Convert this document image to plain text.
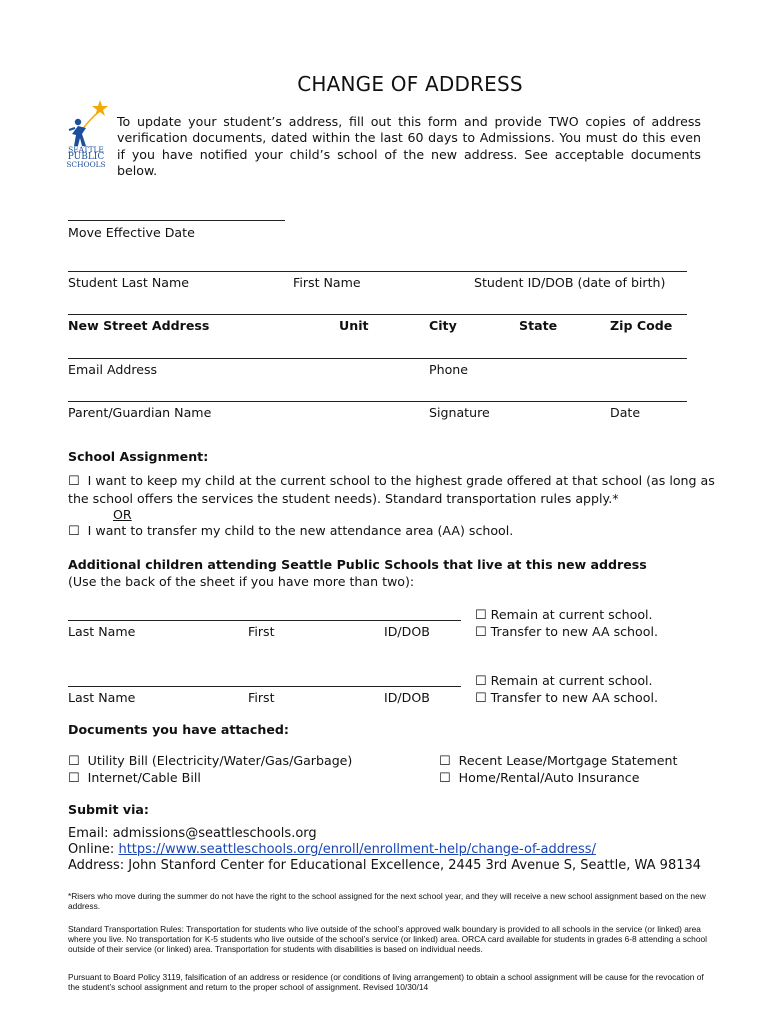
CHANGE OF ADDRESS
SEATTLE
PUBLIC
SCHOOLS
To update your student’s address, fill out this form and provide TWO copies of address verification documents, dated within the last 60 days to Admissions. You must do this even if you have notified your child’s school of the new address. See acceptable documents below.
Move Effective Date
Student Last Name	First Name	Student ID/DOB (date of birth)
New Street Address	Unit	City	State	Zip Code
Email Address	Phone
Parent/Guardian Name	Signature	Date
School Assignment:
☐ I want to keep my child at the current school to the highest grade offered at that school (as long as the school offers the services the student needs). Standard transportation rules apply.*
OR
☐ I want to transfer my child to the new attendance area (AA) school.
Additional children attending Seattle Public Schools that live at this new address
(Use the back of the sheet if you have more than two):
Last Name	First	ID/DOB
☐ Remain at current school.
☐ Transfer to new AA school.
Last Name	First	ID/DOB
☐ Remain at current school.
☐ Transfer to new AA school.
Documents you have attached:
☐ Utility Bill (Electricity/Water/Gas/Garbage)
☐ Internet/Cable Bill
☐ Recent Lease/Mortgage Statement
☐ Home/Rental/Auto Insurance
Submit via:
Email: admissions@seattleschools.org
Online: https://www.seattleschools.org/enroll/enrollment-help/change-of-address/
Address: John Stanford Center for Educational Excellence, 2445 3rd Avenue S, Seattle, WA 98134
*Risers who move during the summer do not have the right to the school assigned for the next school year, and they will receive a new school assignment based on the new address.
Standard Transportation Rules: Transportation for students who live outside of the school’s approved walk boundary is provided to all schools in the service (or linked) area where you live. No transportation for K-5 students who live outside of the school’s service (or linked) area. ORCA card available for students in grades 6-8 attending a school outside of their service (or linked) area. Transportation for students with disabilities is based on individual needs.
Pursuant to Board Policy 3119, falsification of an address or residence (or conditions of living arrangement) to obtain a school assignment will be cause for the revocation of the student’s school assignment and return to the proper school of assignment. Revised 10/30/14
